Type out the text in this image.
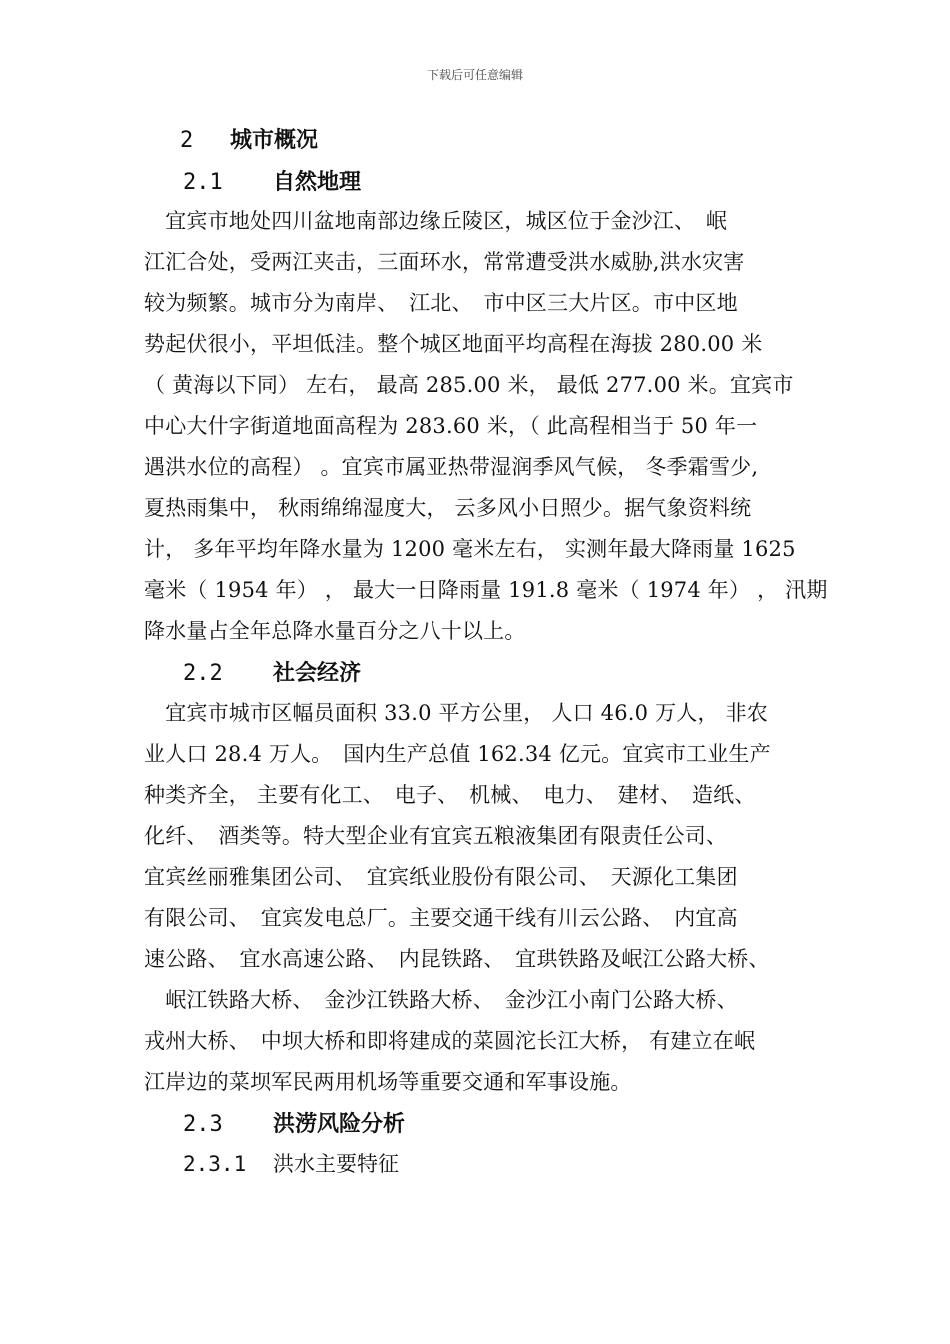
下载后可任意编辑
2 城市概况
2.1 自然地理
　宜宾市地处四川盆地南部边缘丘陵区，城区位于金沙江、　岷
江汇合处，受两江夹击，三面环水，常常遭受洪水威胁,洪水灾害
较为频繁。城市分为南岸、　江北、　市中区三大片区。市中区地
势起伏很小，平坦低洼。整个城区地面平均高程在海拔 280.00 米
（ 黄海以下同） 左右， 最高 285.00 米， 最低 277.00 米。宜宾市
中心大什字街道地面高程为 283.60 米，（ 此高程相当于 50 年一
遇洪水位的高程） 。宜宾市属亚热带湿润季风气候， 冬季霜雪少,
夏热雨集中， 秋雨绵绵湿度大， 云多风小日照少。据气象资料统
计， 多年平均年降水量为 1200 毫米左右， 实测年最大降雨量 1625
毫米（ 1954 年） ， 最大一日降雨量 191.8 毫米（ 1974 年） ， 汛期
降水量占全年总降水量百分之八十以上。
2.2 社会经济
　宜宾市城市区幅员面积 33.0 平方公里， 人口 46.0 万人， 非农
业人口 28.4 万人。　国内生产总值 162.34 亿元。宜宾市工业生产
种类齐全， 主要有化工、　电子、　机械、　电力、　建材、　造纸、
化纤、　酒类等。特大型企业有宜宾五粮液集团有限责任公司、
宜宾丝丽雅集团公司、　宜宾纸业股份有限公司、　天源化工集团
有限公司、　宜宾发电总厂。主要交通干线有川云公路、　内宜高
速公路、　宜水高速公路、　内昆铁路、　宜珙铁路及岷江公路大桥、
　岷江铁路大桥、　金沙江铁路大桥、　金沙江小南门公路大桥、
戎州大桥、　中坝大桥和即将建成的菜圆沱长江大桥， 有建立在岷
江岸边的菜坝军民两用机场等重要交通和军事设施。
2.3 洪涝风险分析
2.3.1 洪水主要特征
